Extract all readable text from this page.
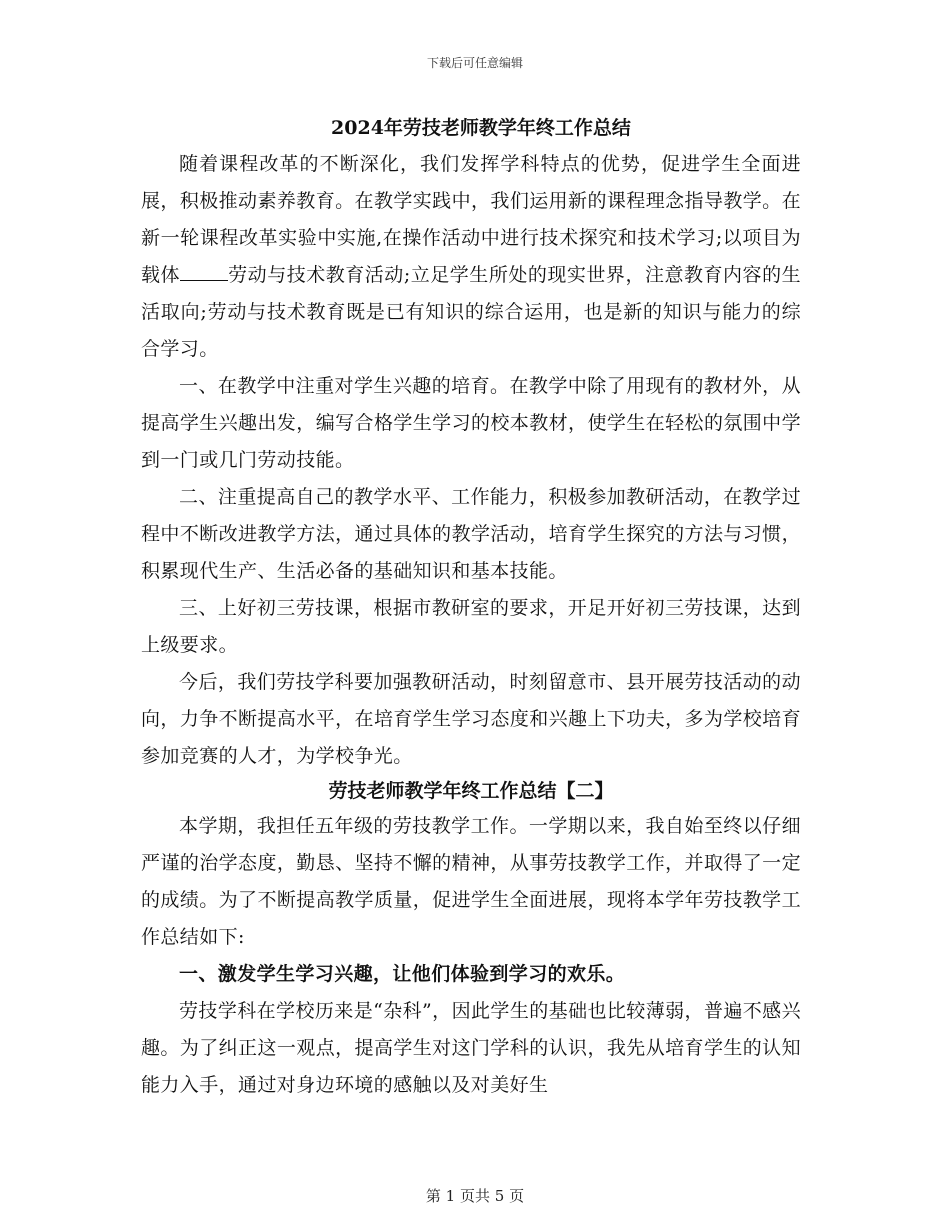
下载后可任意编辑
2024年劳技老师教学年终工作总结

随着课程改革的不断深化，我们发挥学科特点的优势，促进学生全面进展，积极推动素养教育。在教学实践中，我们运用新的课程理念指导教学。在新一轮课程改革实验中实施,在操作活动中进行技术探究和技术学习;以项目为载体	劳动与技术教育活动;立足学生所处的现实世界，注意教育内容的生活取向;劳动与技术教育既是已有知识的综合运用，也是新的知识与能力的综合学习。

一、在教学中注重对学生兴趣的培育。在教学中除了用现有的教材外，从提高学生兴趣出发，编写合格学生学习的校本教材，使学生在轻松的氛围中学到一门或几门劳动技能。

二、注重提高自己的教学水平、工作能力，积极参加教研活动，在教学过程中不断改进教学方法，通过具体的教学活动，培育学生探究的方法与习惯，积累现代生产、生活必备的基础知识和基本技能。

三、上好初三劳技课，根据市教研室的要求，开足开好初三劳技课，达到上级要求。

今后，我们劳技学科要加强教研活动，时刻留意市、县开展劳技活动的动向，力争不断提高水平，在培育学生学习态度和兴趣上下功夫，多为学校培育参加竞赛的人才，为学校争光。

劳技老师教学年终工作总结【二】

本学期，我担任五年级的劳技教学工作。一学期以来，我自始至终以仔细严谨的治学态度，勤恳、坚持不懈的精神，从事劳技教学工作，并取得了一定的成绩。为了不断提高教学质量，促进学生全面进展，现将本学年劳技教学工作总结如下:

一、激发学生学习兴趣，让他们体验到学习的欢乐。

劳技学科在学校历来是“杂科”，因此学生的基础也比较薄弱，普遍不感兴趣。为了纠正这一观点，提高学生对这门学科的认识，我先从培育学生的认知能力入手，通过对身边环境的感触以及对美好生

第 1 页共 5 页
